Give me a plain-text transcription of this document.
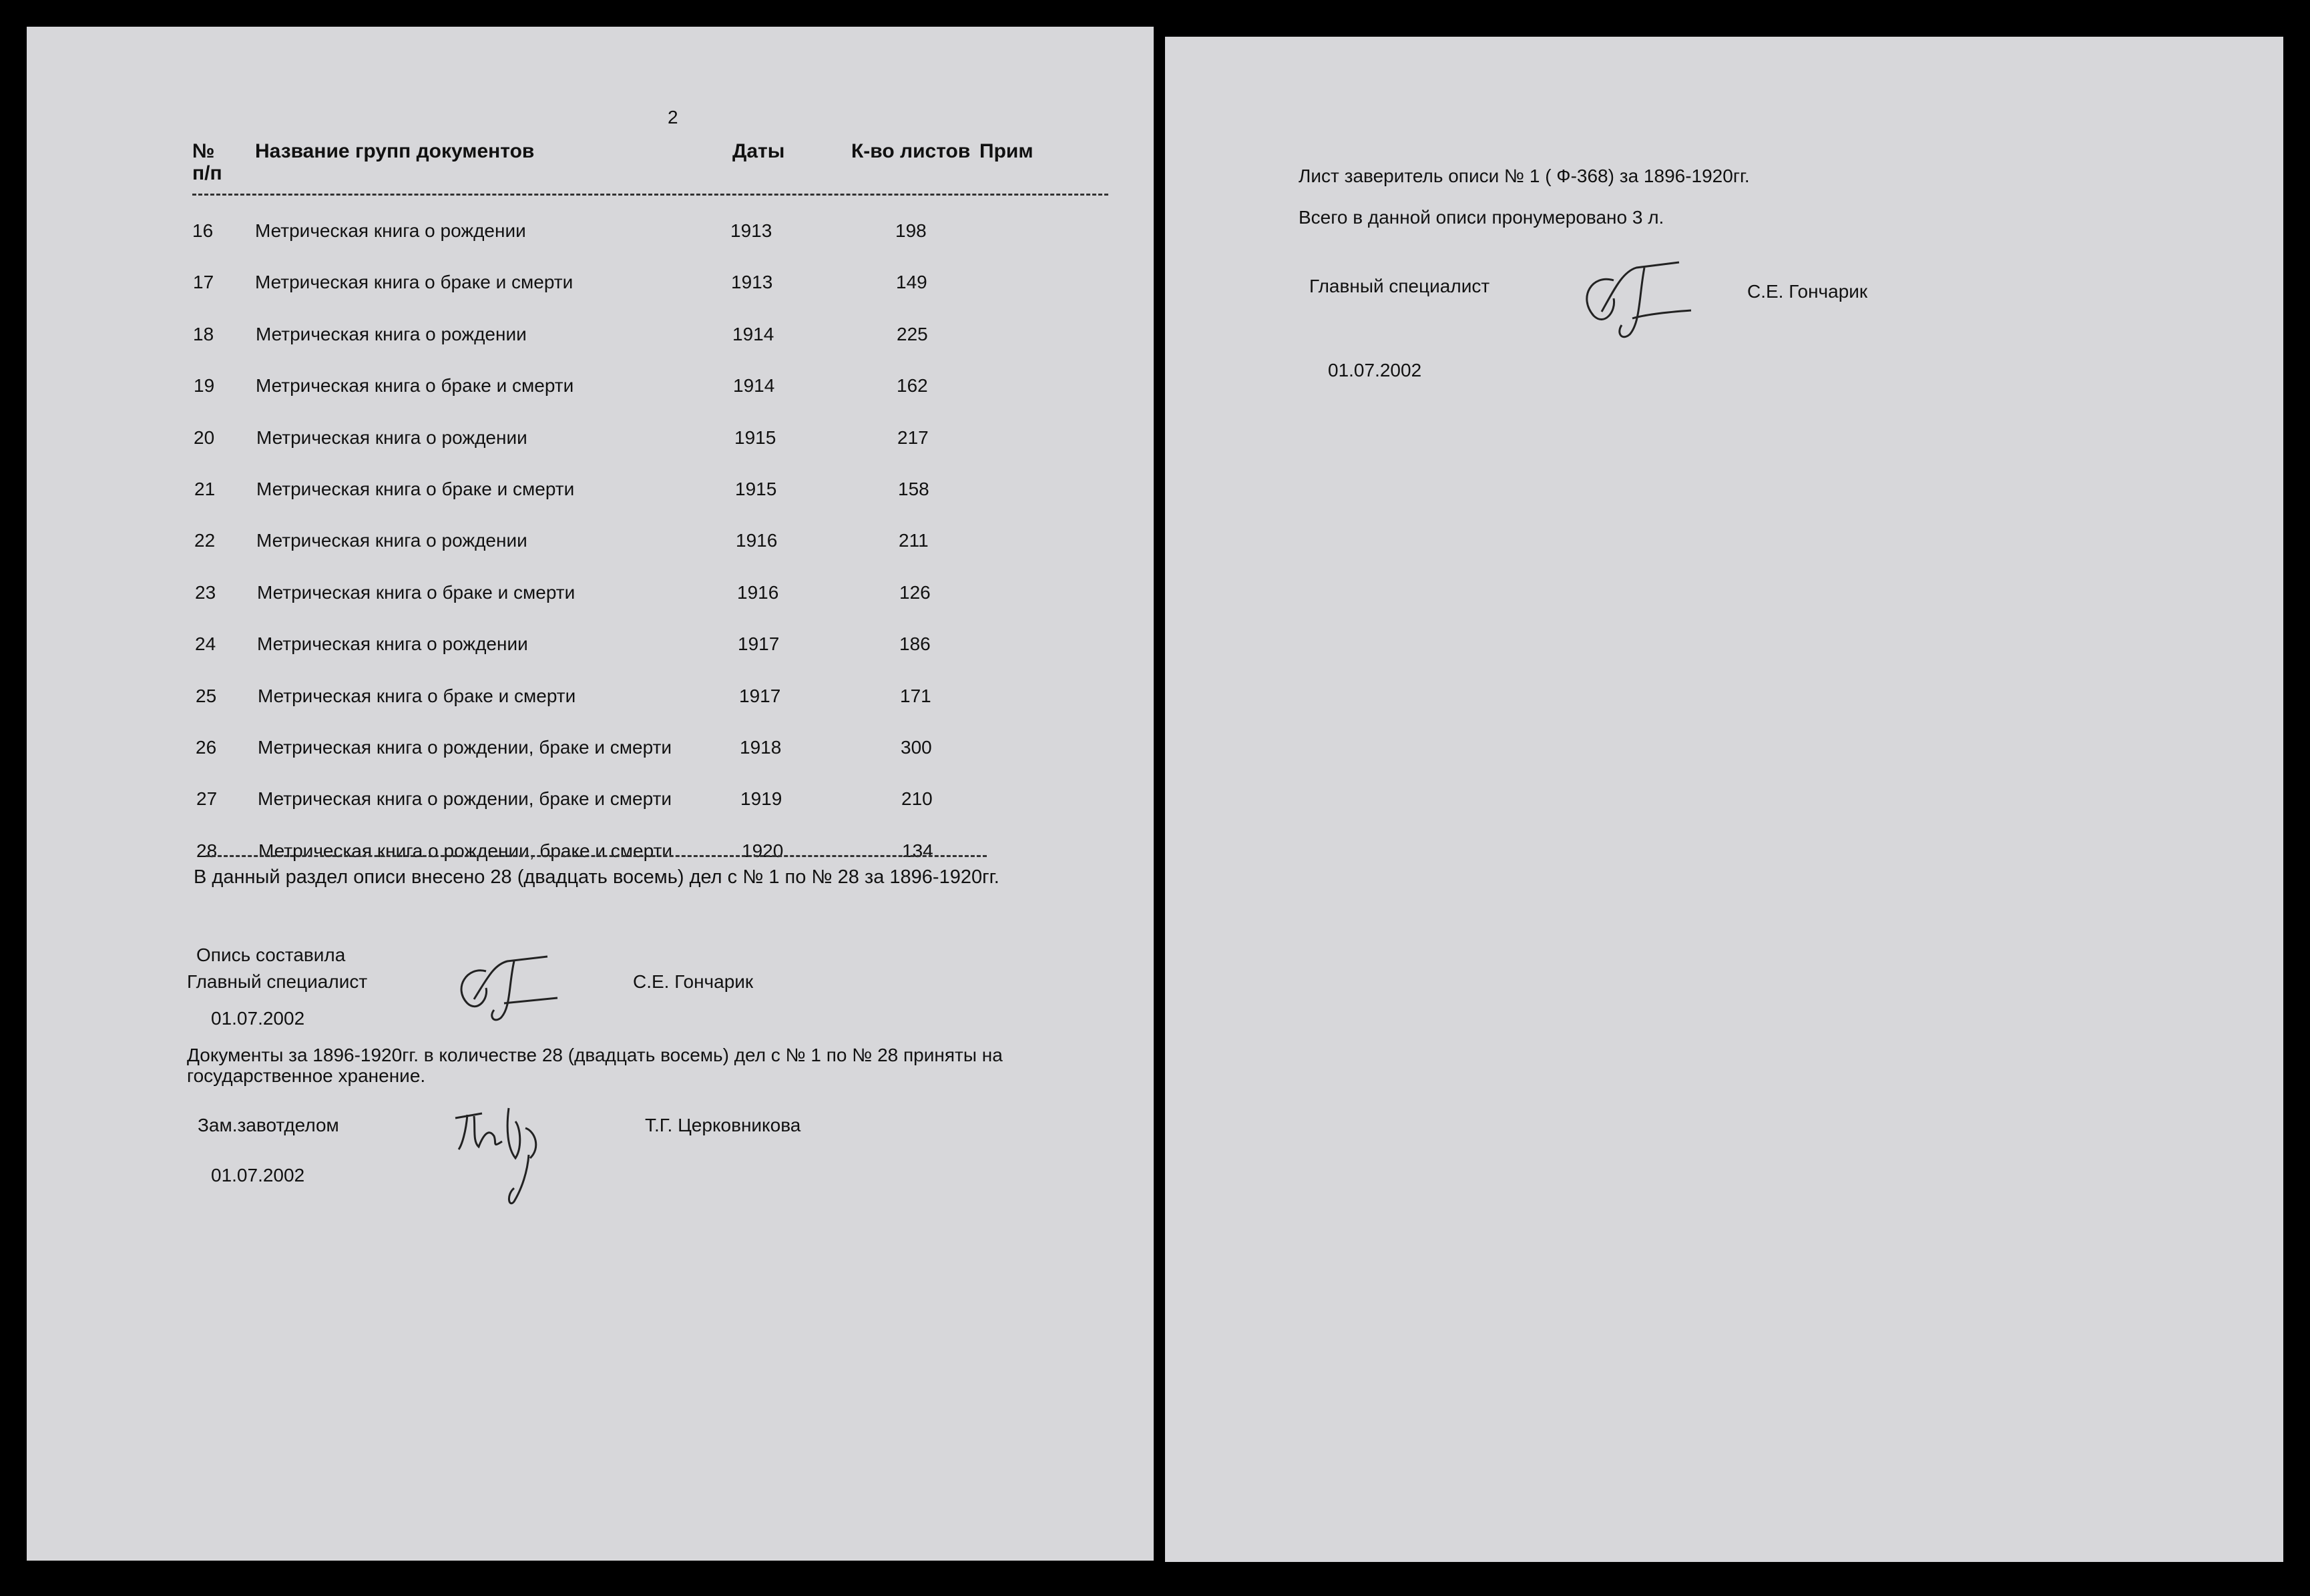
2
№
п/п
Название групп документов	Даты	К-во листов Прим
16 Метрическая книга о рождении	1913	198
17 Метрическая книга о браке и смерти	1913	149
18 Метрическая книга о рождении	1914	225
19 Метрическая книга о браке и смерти	1914	162
20 Метрическая книга о рождении	1915	217
21 Метрическая книга о браке и смерти	1915	158
22 Метрическая книга о рождении	1916	211
23 Метрическая книга о браке и смерти	1916	126
24 Метрическая книга о рождении	1917	186
25 Метрическая книга о браке и смерти	1917	171
26 Метрическая книга о рождении, браке и смерти	1918	300
27 Метрическая книга о рождении, браке и смерти	1919	210
28 Метрическая книга о рождении, браке и смерти	1920	134
В данный раздел описи внесено 28 (двадцать восемь) дел с № 1 по № 28 за 1896-1920гг.
Опись составила
Главный специалист	С.Е. Гончарик
01.07.2002
Документы за 1896-1920гг. в количестве 28 (двадцать восемь) дел с № 1 по № 28 приняты на
государственное хранение.
Зам.завотделом	Т.Г. Церковникова
01.07.2002
Лист заверитель описи № 1 ( Ф-368) за 1896-1920гг.
Всего в данной описи пронумеровано 3 л.
Главный специалист	С.Е. Гончарик
01.07.2002
